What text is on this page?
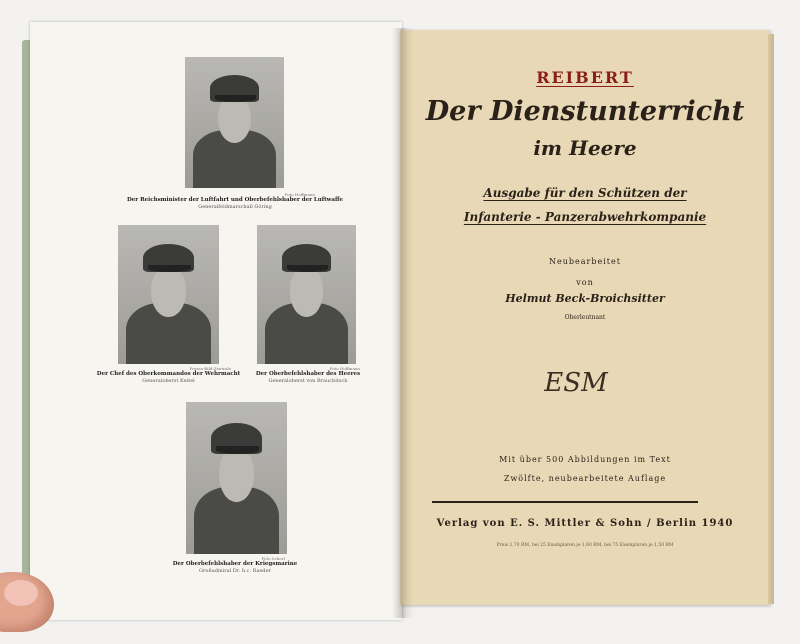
Foto Hoffmann
Der Reichsminister der Luftfahrt und Oberbefehlshaber der Luftwaffe
Generalfeldmarschall Göring
Presse-Bild-Zentrale
Der Chef des Oberkommandos der Wehrmacht
Generaloberst Keitel
Foto Hoffmann
Der Oberbefehlshaber des Heeres
Generaloberst von Brauchitsch
Foto Scherl
Der Oberbefehlshaber der Kriegsmarine
Großadmiral Dr. h.c. Raeder
REIBERT
Der Dienstunterricht
im Heere
Ausgabe für den Schützen der
Infanterie - Panzerabwehrkompanie
Neubearbeitet
von
Helmut Beck-Broichsitter
Oberleutnant
ESM
Mit über 500 Abbildungen im Text
Zwölfte, neubearbeitete Auflage
Verlag von E. S. Mittler & Sohn / Berlin 1940
Preis 1,70 RM, bei 25 Exemplaren je 1,60 RM, bei 75 Exemplaren je 1,50 RM
